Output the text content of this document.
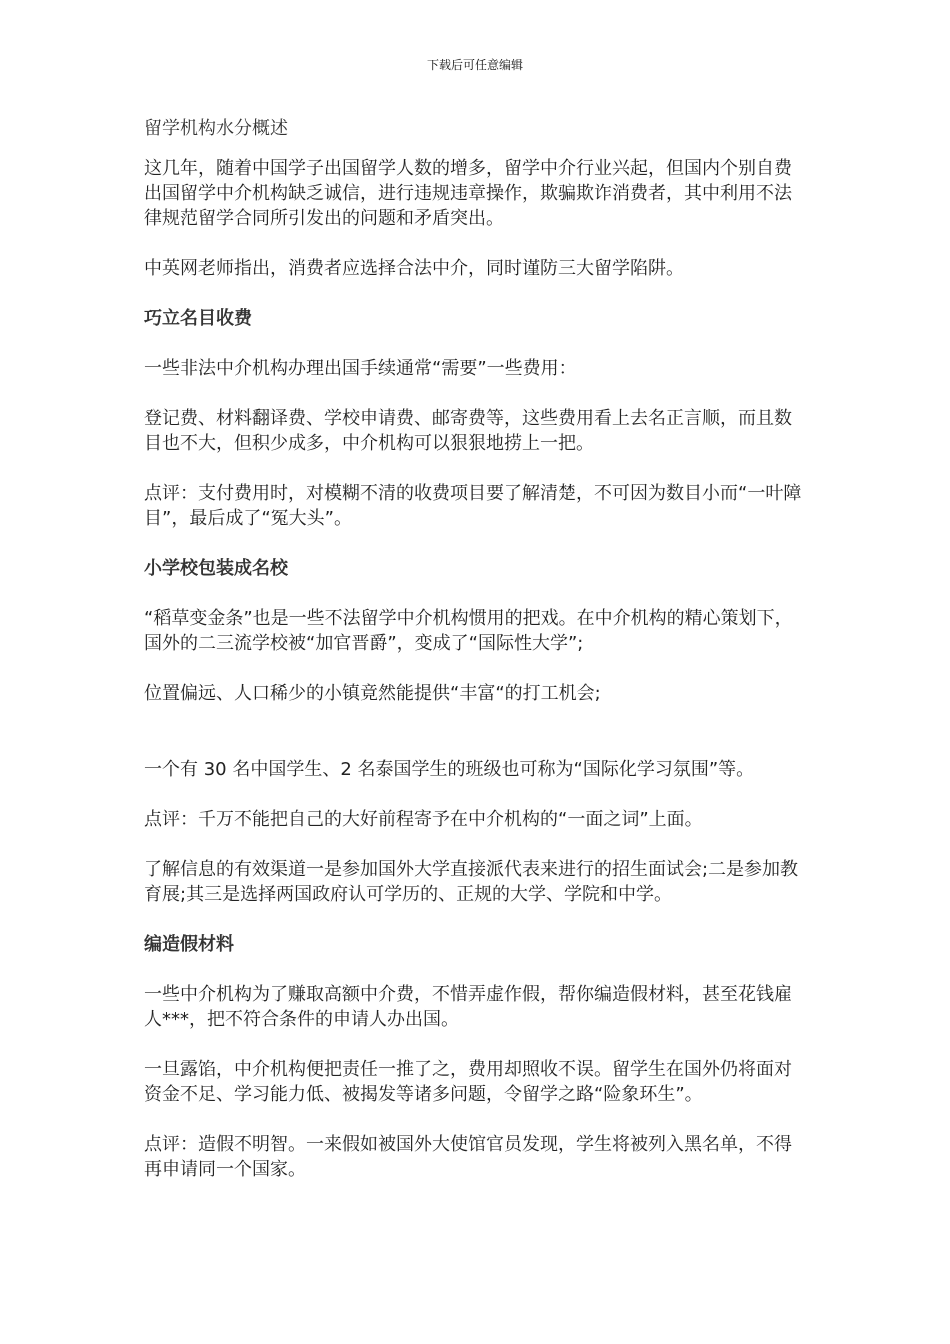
下载后可任意编辑
留学机构水分概述

这几年，随着中国学子出国留学人数的增多，留学中介行业兴起，但国内个别自费出国留学中介机构缺乏诚信，进行违规违章操作，欺骗欺诈消费者，其中利用不法律规范留学合同所引发出的问题和矛盾突出。

中英网老师指出，消费者应选择合法中介，同时谨防三大留学陷阱。

巧立名目收费

一些非法中介机构办理出国手续通常“需要”一些费用：

登记费、材料翻译费、学校申请费、邮寄费等，这些费用看上去名正言顺，而且数目也不大，但积少成多，中介机构可以狠狠地捞上一把。

点评：支付费用时，对模糊不清的收费项目要了解清楚，不可因为数目小而“一叶障目”，最后成了“冤大头”。

小学校包装成名校

“稻草变金条”也是一些不法留学中介机构惯用的把戏。在中介机构的精心策划下，国外的二三流学校被“加官晋爵”，变成了“国际性大学”;

位置偏远、人口稀少的小镇竟然能提供“丰富“的打工机会;

一个有 30 名中国学生、2 名泰国学生的班级也可称为“国际化学习氛围”等。

点评：千万不能把自己的大好前程寄予在中介机构的“一面之词”上面。

了解信息的有效渠道一是参加国外大学直接派代表来进行的招生面试会;二是参加教育展;其三是选择两国政府认可学历的、正规的大学、学院和中学。

编造假材料

一些中介机构为了赚取高额中介费，不惜弄虚作假，帮你编造假材料，甚至花钱雇人***，把不符合条件的申请人办出国。

一旦露馅，中介机构便把责任一推了之，费用却照收不误。留学生在国外仍将面对资金不足、学习能力低、被揭发等诸多问题，令留学之路“险象环生”。

点评：造假不明智。一来假如被国外大使馆官员发现，学生将被列入黑名单，不得再申请同一个国家。
